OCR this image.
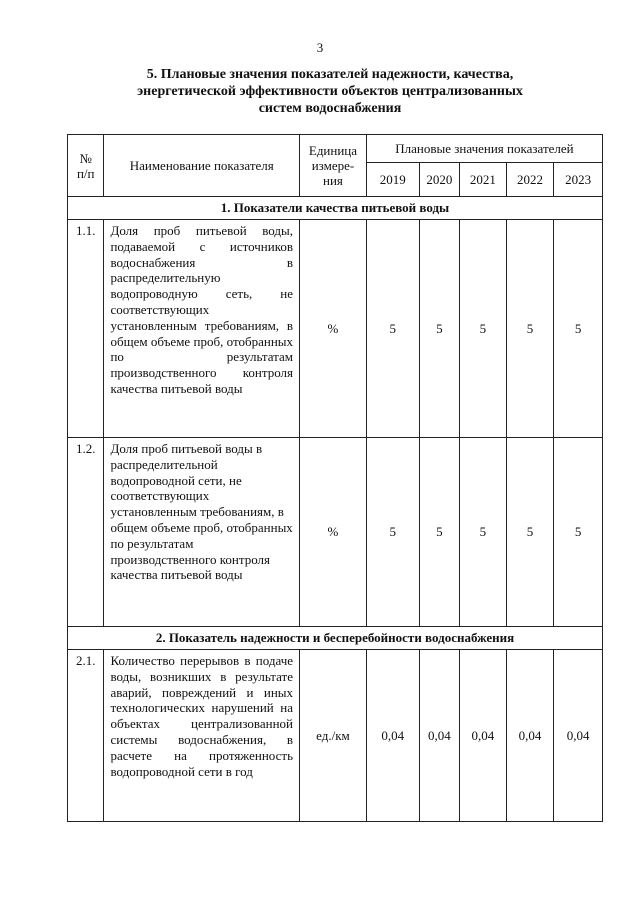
3
5. Плановые значения показателей надежности, качества,
энергетической эффективности объектов централизованных
систем водоснабжения
№ п/п	Наименование показателя	Единица измере- ния	Плановые значения показателей				
			2019	2020	2021	2022	2023
1. Показатели качества питьевой воды							
1.1.	Доля проб питьевой воды, подаваемой с источников водоснабжения в распределительную водопроводную сеть, не соответствующих установленным требованиям, в общем объеме проб, отобранных по результатам производственного контроля качества питьевой воды	%	5	5	5	5	5
1.2.	Доля проб питьевой воды в распределительной водопроводной сети, не соответствующих установленным требованиям, в общем объеме проб, отобранных по результатам производственного контроля качества питьевой воды	%	5	5	5	5	5
2. Показатель надежности и бесперебойности водоснабжения							
2.1.	Количество перерывов в подаче воды, возникших в результате аварий, повреждений и иных технологических нарушений на объектах централизованной системы водоснабжения, в расчете на протяженность водопроводной сети в год	ед./км	0,04	0,04	0,04	0,04	0,04
